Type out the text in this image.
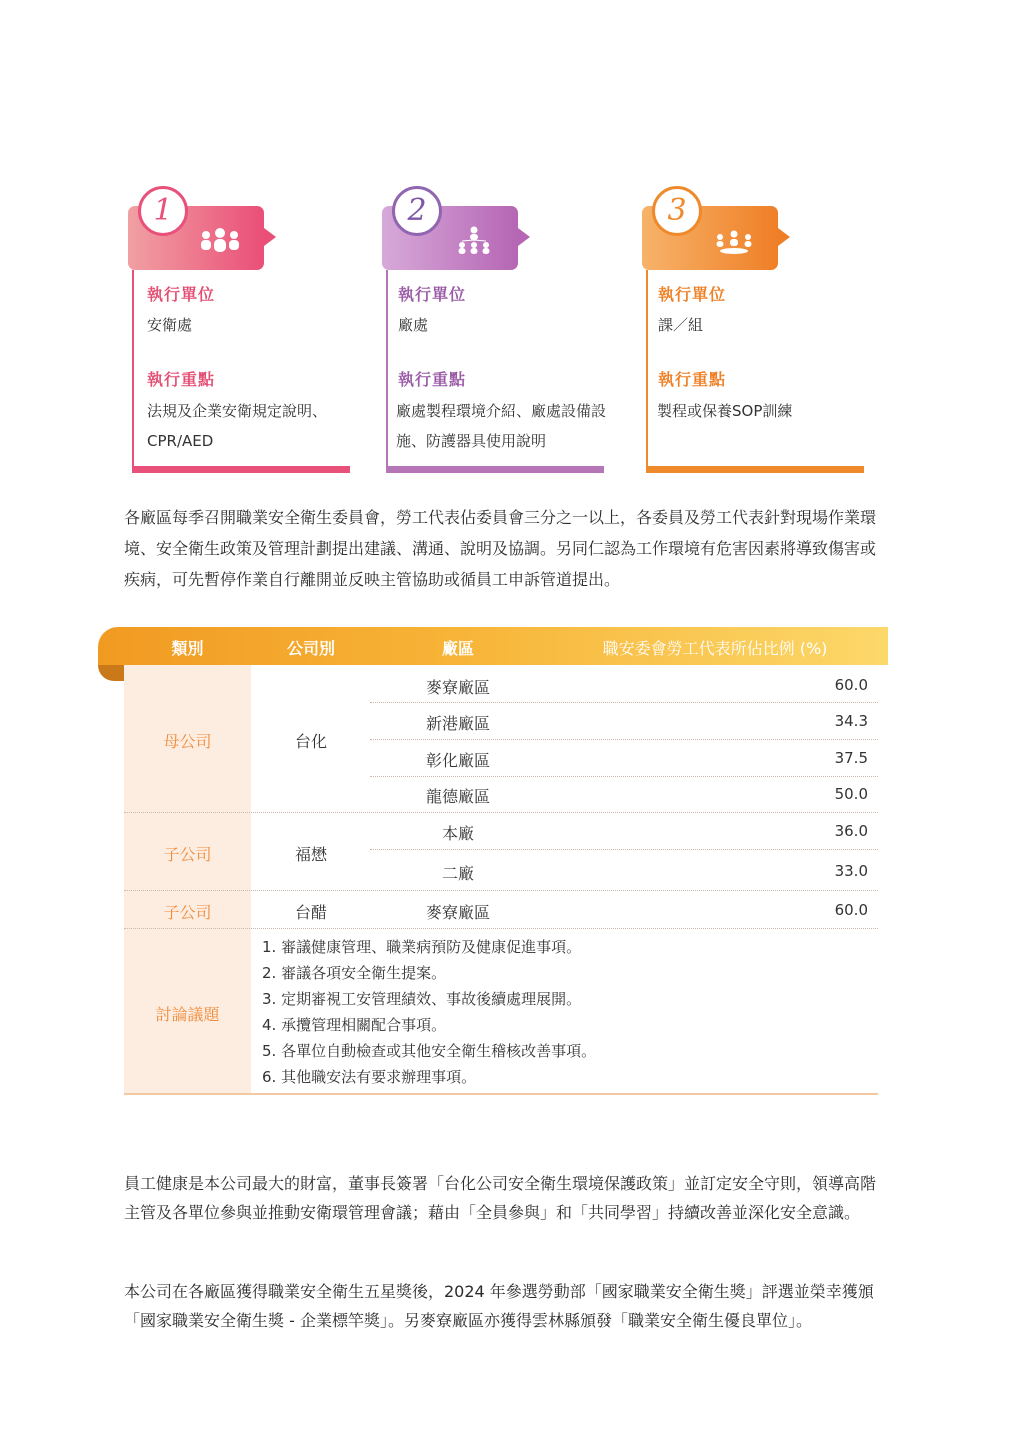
1
執行單位
安衛處
執行重點
法規及企業安衛規定說明、CPR/AED
2
執行單位
廠處
執行重點
廠處製程環境介紹、廠處設備設施、防護器具使用說明
3
執行單位
課／組
執行重點
製程或保養SOP訓練
各廠區每季召開職業安全衛生委員會，勞工代表佔委員會三分之一以上，各委員及勞工代表針對現場作業環境、安全衛生政策及管理計劃提出建議、溝通、說明及協調。另同仁認為工作環境有危害因素將導致傷害或疾病，可先暫停作業自行離開並反映主管協助或循員工申訴管道提出。
類別	公司別	廠區	職安委會勞工代表所佔比例 (%)
母公司	台化
麥寮廠區	60.0
新港廠區	34.3
彰化廠區	37.5
龍德廠區	50.0
子公司	福懋
本廠	36.0
二廠	33.0
子公司	台醋	麥寮廠區	60.0
討論議題
1. 審議健康管理、職業病預防及健康促進事項。
2. 審議各項安全衛生提案。
3. 定期審視工安管理績效、事故後續處理展開。
4. 承攬管理相關配合事項。
5. 各單位自動檢查或其他安全衛生稽核改善事項。
6. 其他職安法有要求辦理事項。
員工健康是本公司最大的財富，董事長簽署「台化公司安全衛生環境保護政策」並訂定安全守則，領導高階主管及各單位參與並推動安衛環管理會議；藉由「全員參與」和「共同學習」持續改善並深化安全意識。
本公司在各廠區獲得職業安全衛生五星獎後，2024 年參選勞動部「國家職業安全衛生獎」評選並榮幸獲頒「國家職業安全衛生獎 - 企業標竿獎」。另麥寮廠區亦獲得雲林縣頒發「職業安全衛生優良單位」。
